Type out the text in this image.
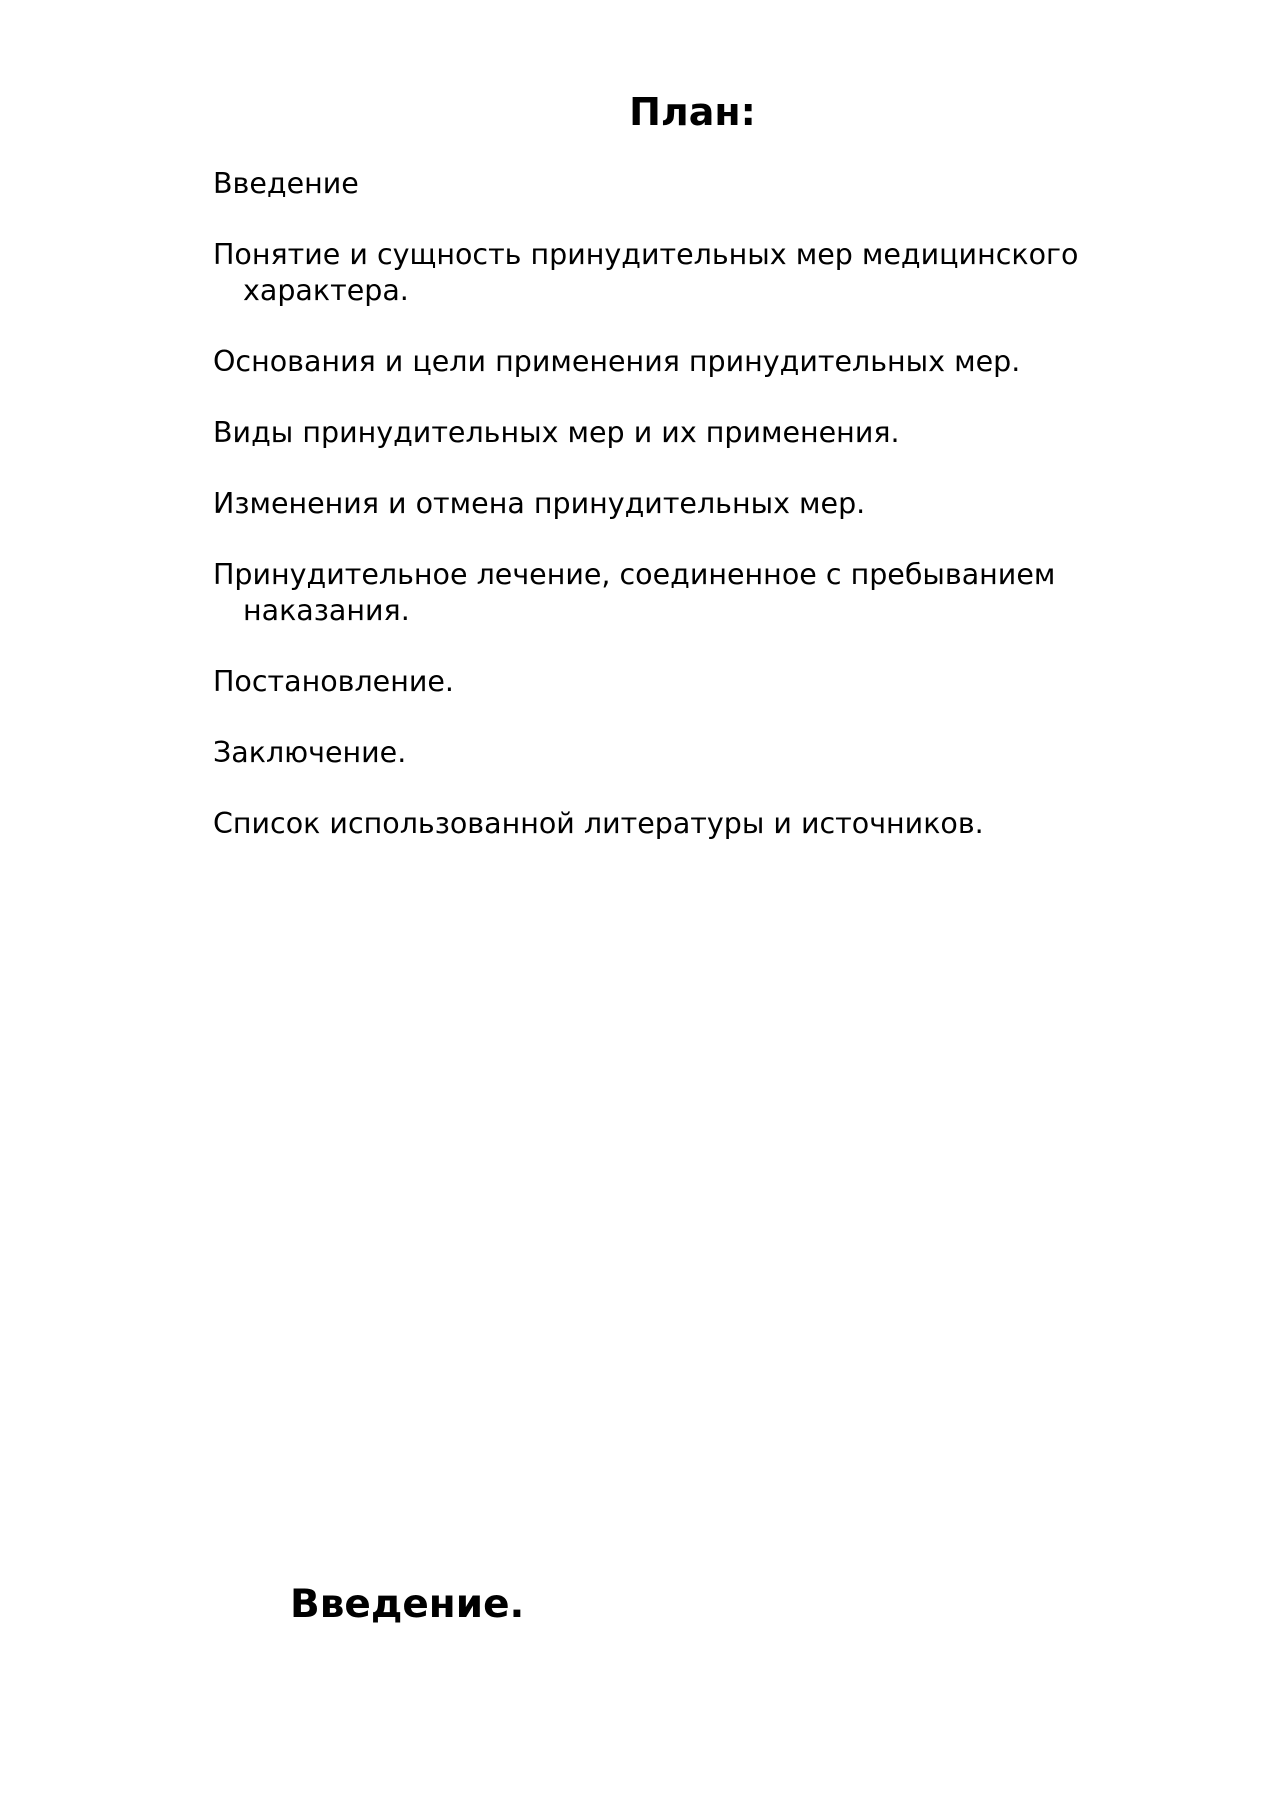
План:
Введение
Понятие и сущность принудительных мер медицинского характера.
Основания и цели применения принудительных мер.
Виды принудительных мер и их применения.
Изменения и отмена принудительных мер.
Принудительное лечение, соединенное с пребыванием наказания.
Постановление.
Заключение.
Список использованной литературы и источников.
Введение.
